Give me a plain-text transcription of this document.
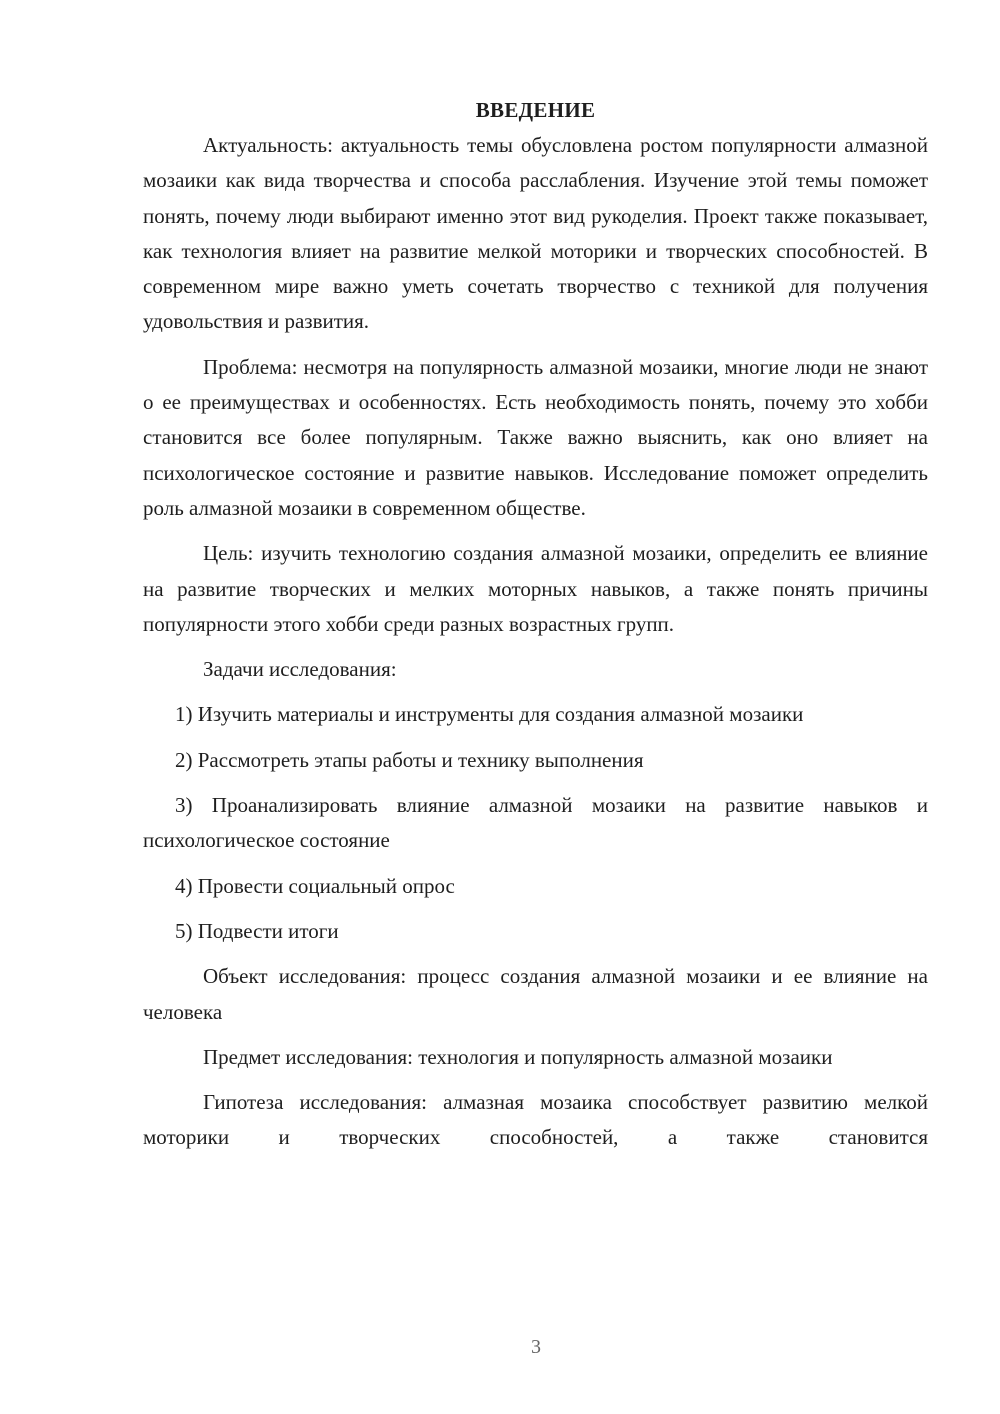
ВВЕДЕНИЕ

Актуальность: актуальность темы обусловлена ростом популярности алмазной мозаики как вида творчества и способа расслабления. Изучение этой темы поможет понять, почему люди выбирают именно этот вид рукоделия. Проект также показывает, как технология влияет на развитие мелкой моторики и творческих способностей. В современном мире важно уметь сочетать творчество с техникой для получения удовольствия и развития.

Проблема: несмотря на популярность алмазной мозаики, многие люди не знают о ее преимуществах и особенностях. Есть необходимость понять, почему это хобби становится все более популярным. Также важно выяснить, как оно влияет на психологическое состояние и развитие навыков. Исследование поможет определить роль алмазной мозаики в современном обществе.

Цель: изучить технологию создания алмазной мозаики, определить ее влияние на развитие творческих и мелких моторных навыков, а также понять причины популярности этого хобби среди разных возрастных групп.

Задачи исследования:

1) Изучить материалы и инструменты для создания алмазной мозаики

2) Рассмотреть этапы работы и технику выполнения

3) Проанализировать влияние алмазной мозаики на развитие навыков и психологическое состояние

4) Провести социальный опрос

5) Подвести итоги

Объект исследования: процесс создания алмазной мозаики и ее влияние на человека

Предмет исследования: технология и популярность алмазной мозаики

Гипотеза исследования: алмазная мозаика способствует развитию мелкой моторики и творческих способностей, а также становится

3
